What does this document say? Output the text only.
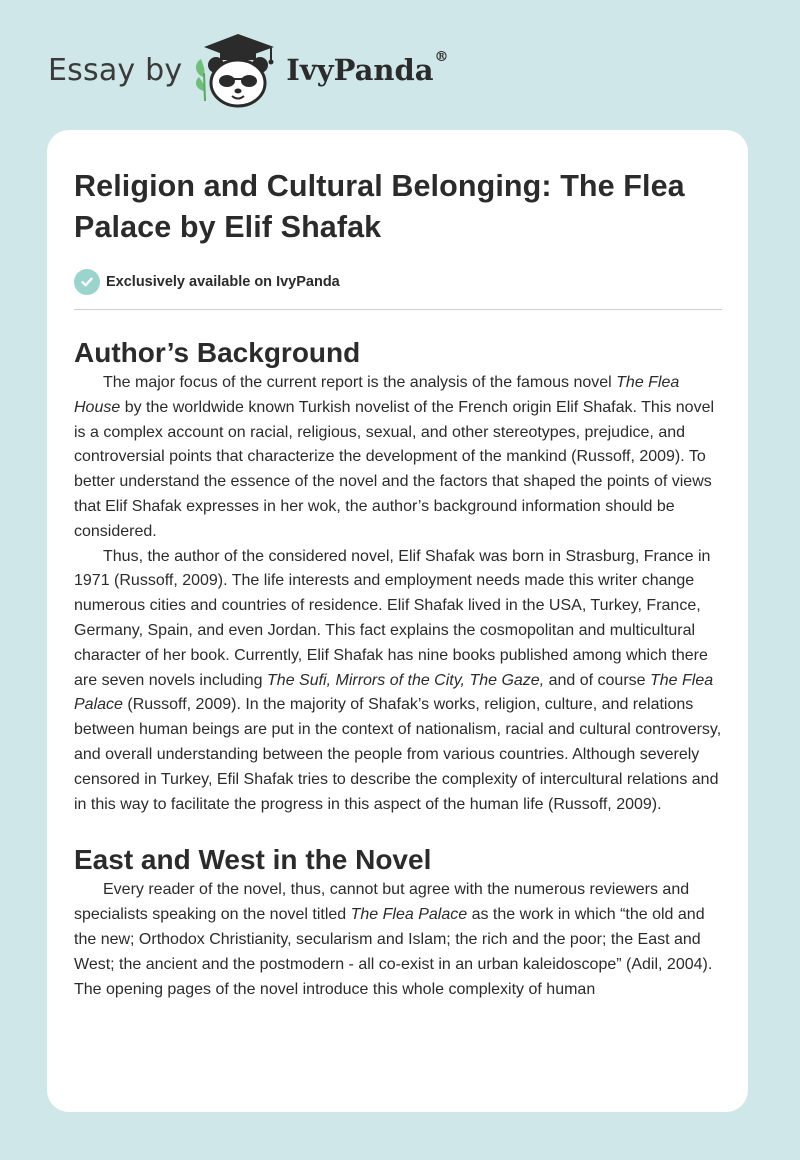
Essay by	IvyPanda®
Religion and Cultural Belonging: The Flea Palace by Elif Shafak
Exclusively available on IvyPanda
Author’s Background

The major focus of the current report is the analysis of the famous novel The Flea House by the worldwide known Turkish novelist of the French origin Elif Shafak. This novel is a complex account on racial, religious, sexual, and other stereotypes, prejudice, and controversial points that characterize the development of the mankind (Russoff, 2009). To better understand the essence of the novel and the factors that shaped the points of views that Elif Shafak expresses in her wok, the author’s background information should be considered.

Thus, the author of the considered novel, Elif Shafak was born in Strasburg, France in 1971 (Russoff, 2009). The life interests and employment needs made this writer change numerous cities and countries of residence. Elif Shafak lived in the USA, Turkey, France, Germany, Spain, and even Jordan. This fact explains the cosmopolitan and multicultural character of her book. Currently, Elif Shafak has nine books published among which there are seven novels including The Sufi, Mirrors of the City, The Gaze, and of course The Flea Palace (Russoff, 2009). In the majority of Shafak’s works, religion, culture, and relations between human beings are put in the context of nationalism, racial and cultural controversy, and overall understanding between the people from various countries. Although severely censored in Turkey, Efil Shafak tries to describe the complexity of intercultural relations and in this way to facilitate the progress in this aspect of the human life (Russoff, 2009).

East and West in the Novel

Every reader of the novel, thus, cannot but agree with the numerous reviewers and specialists speaking on the novel titled The Flea Palace as the work in which “the old and the new; Orthodox Christianity, secularism and Islam; the rich and the poor; the East and West; the ancient and the postmodern - all co-exist in an urban kaleidoscope” (Adil, 2004). The opening pages of the novel introduce this whole complexity of human
